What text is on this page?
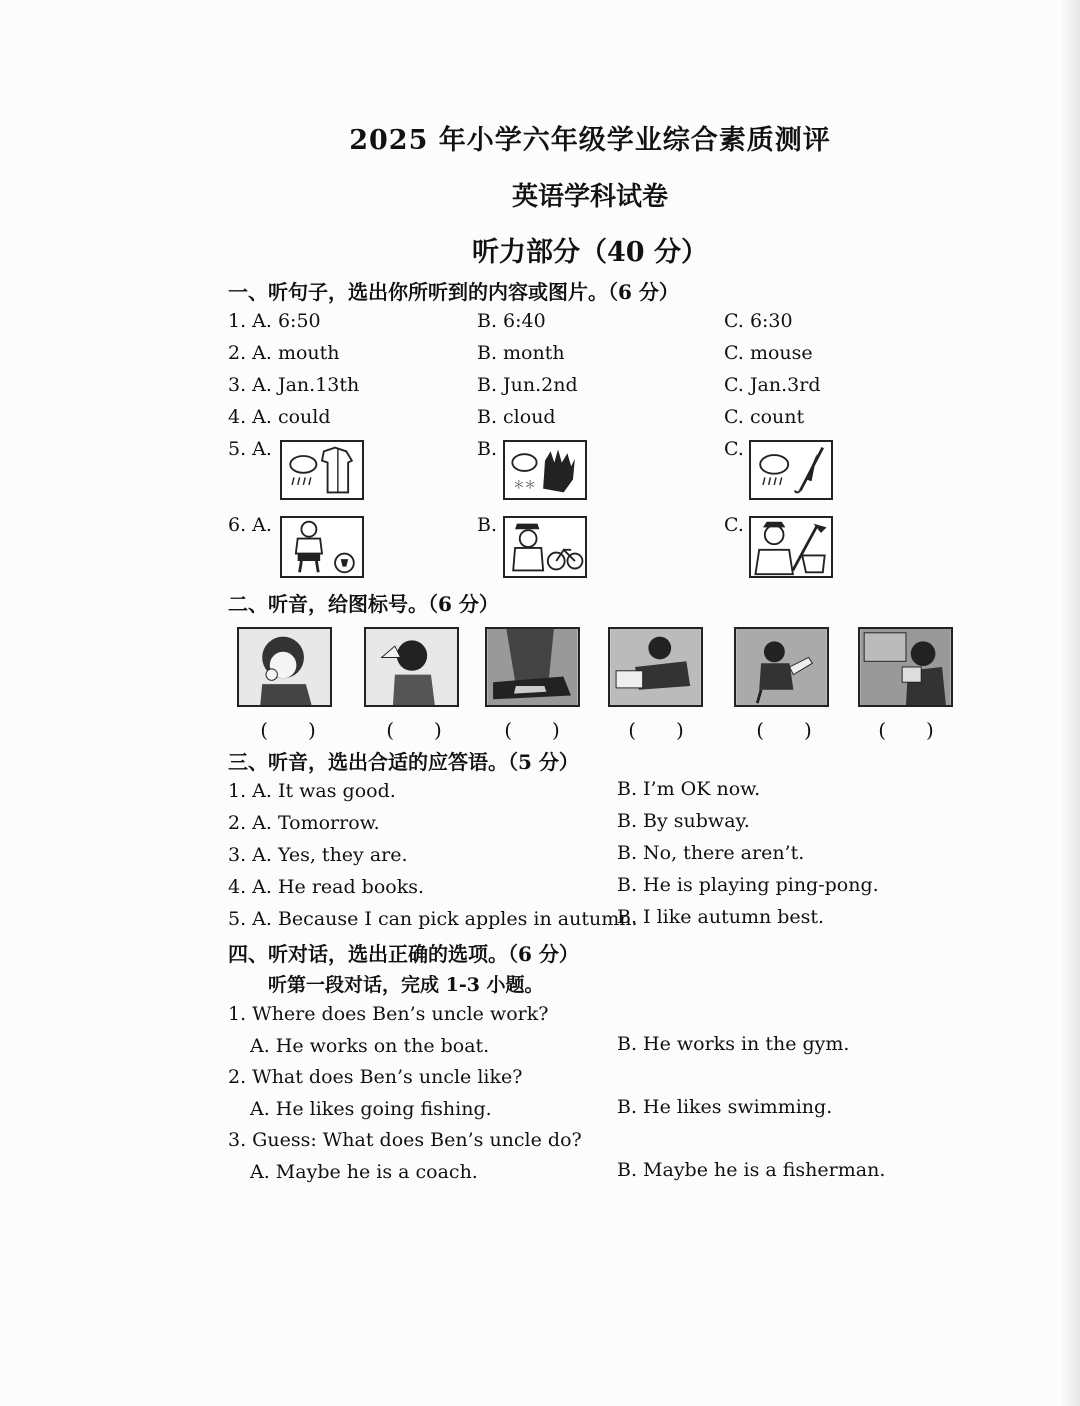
2025 年小学六年级学业综合素质测评
英语学科试卷
听力部分（40 分）
一、听句子，选出你所听到的内容或图片。（6 分）
1. A. 6:50	B. 6:40	C. 6:30
2. A. mouth	B. month	C. mouse
3. A. Jan.13th	B. Jun.2nd	C. Jan.3rd
4. A. could	B. cloud	C. count
5. A.	B.	C.
＊＊
6. A.	B.	C.
二、听音，给图标号。（6 分）
(　　)	(　　)	(　　)	(　　)	(　　)	(　　)
三、听音，选出合适的应答语。（5 分）
1. A. It was good.	B. I’m OK now.
2. A. Tomorrow.	B. By subway.
3. A. Yes, they are.	B. No, there aren’t.
4. A. He read books.	B. He is playing ping-pong.
5. A. Because I can pick apples in autumn.
B. I like autumn best.
四、听对话，选出正确的选项。（6 分）
听第一段对话，完成 1-3 小题。
1. Where does Ben’s uncle work?
A. He works on the boat.	B. He works in the gym.
2. What does Ben’s uncle like?
A. He likes going fishing.	B. He likes swimming.
3. Guess: What does Ben’s uncle do?
A. Maybe he is a coach.	B. Maybe he is a fisherman.
